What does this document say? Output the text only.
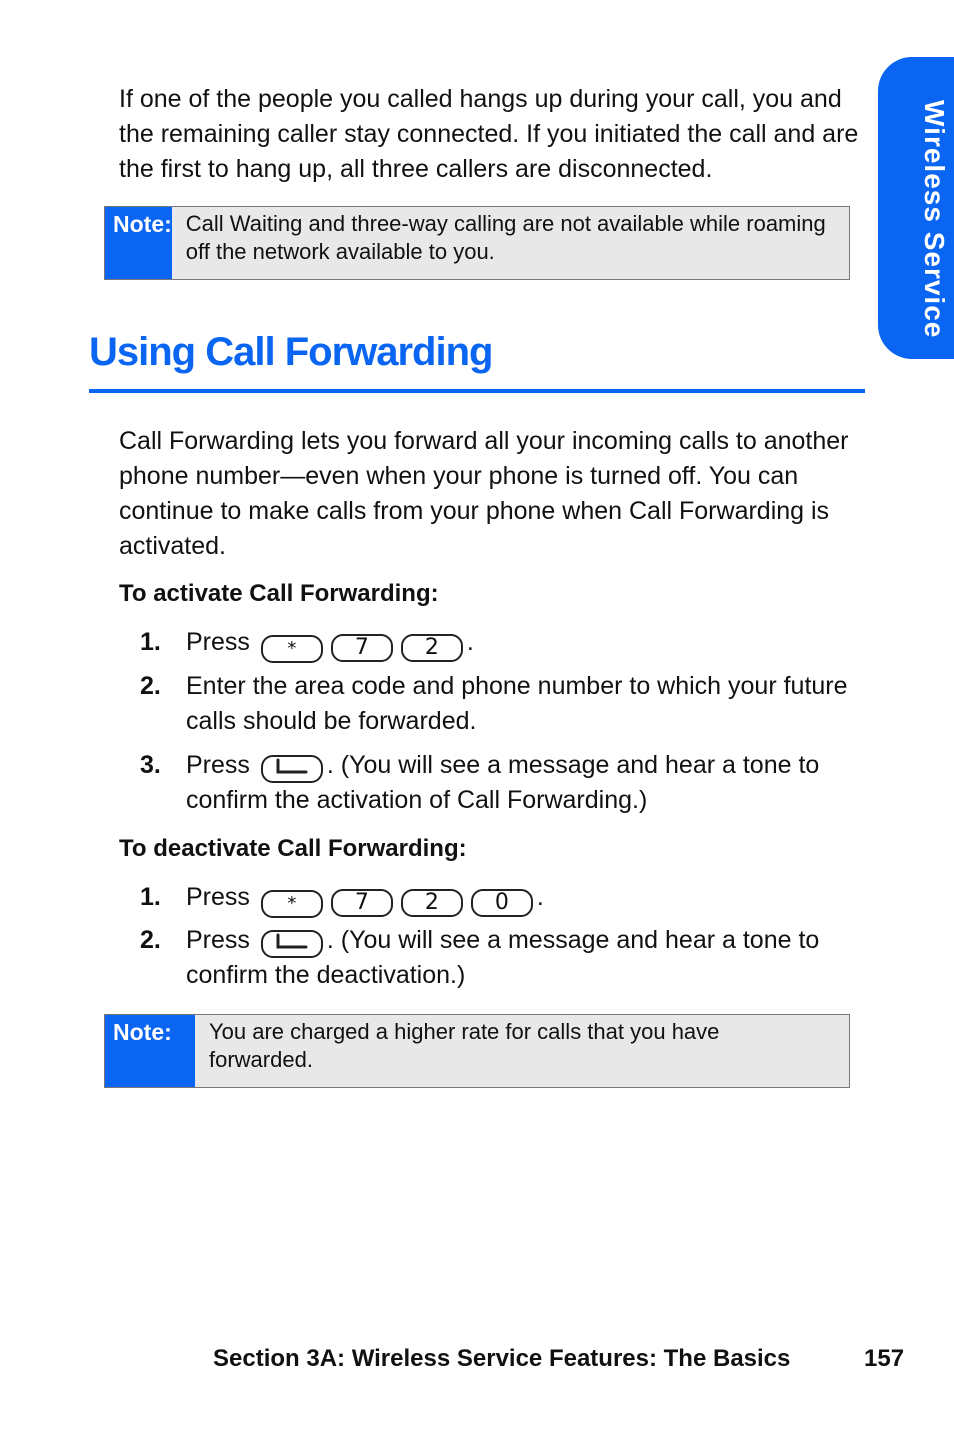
Wireless Service

If one of the people you called hangs up during your call, you and the remaining caller stay connected. If you initiated the call and are the first to hang up, all three callers are disconnected.

Note: Call Waiting and three-way calling are not available while roaming off the network available to you.
Using Call Forwarding

Call Forwarding lets you forward all your incoming calls to another phone number—even when your phone is turned off. You can continue to make calls from your phone when Call Forwarding is activated.

To activate Call Forwarding:

1. Press *	7	2 .
2. Enter the area code and phone number to which your future calls should be forwarded.
3. Press	. (You will see a message and hear a tone to confirm the activation of Call Forwarding.)

To deactivate Call Forwarding:

1. Press *	7	2	0 .
2. Press	. (You will see a message and hear a tone to confirm the deactivation.)
Note:	You are charged a higher rate for calls that you have forwarded.
Section 3A: Wireless Service Features: The Basics	157
